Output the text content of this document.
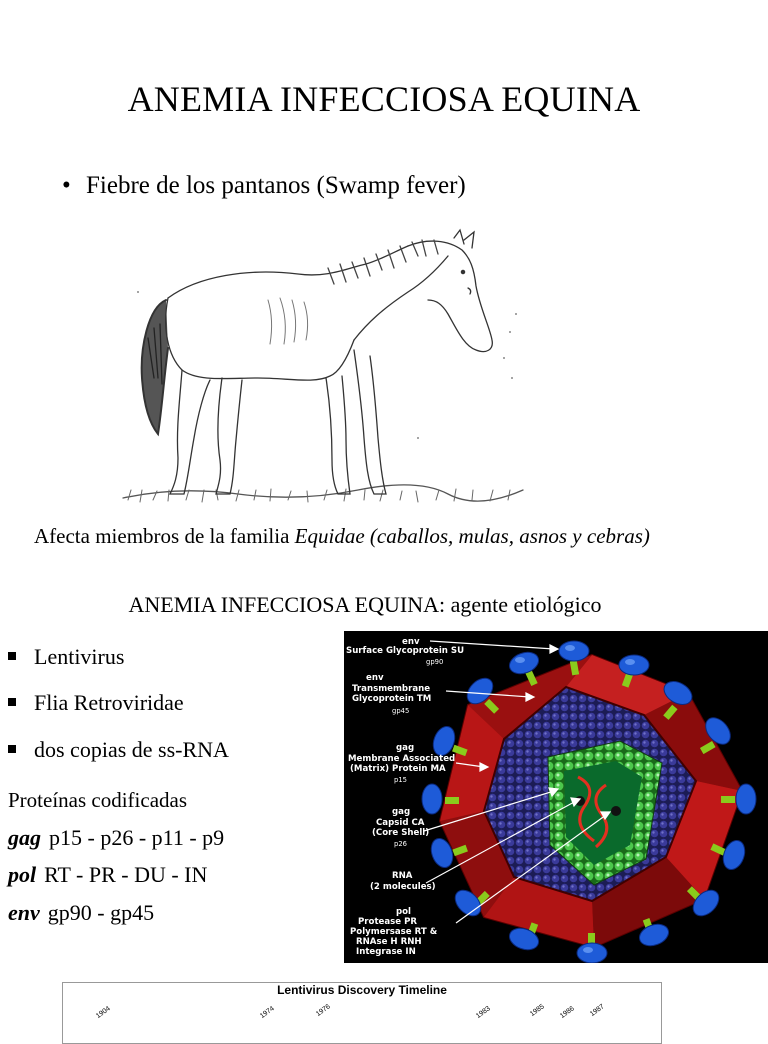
ANEMIA INFECCIOSA EQUINA
• Fiebre de los pantanos (Swamp fever)
Afecta miembros de la familia Equidae (caballos, mulas, asnos y cebras)
ANEMIA INFECCIOSA EQUINA: agente etiológico
Lentivirus
Flia Retroviridae
dos copias de ss-RNA
Proteínas codificadas
gag p15 - p26 - p11 - p9
pol RT - PR - DU - IN
env gp90 - gp45
env
Surface Glycoprotein SU
gp90
env
Transmembrane
Glycoprotein TM
gp45
gag
Membrane Associated
(Matrix) Protein MA
p15
gag
Capsid CA
(Core Shell)
p26
RNA
(2 molecules)
pol
Protease PR
Polymersase RT &
RNAse H RNH
Integrase IN
Lentivirus Discovery Timeline
1904	1974	1976	1983	1985 1986 1987
